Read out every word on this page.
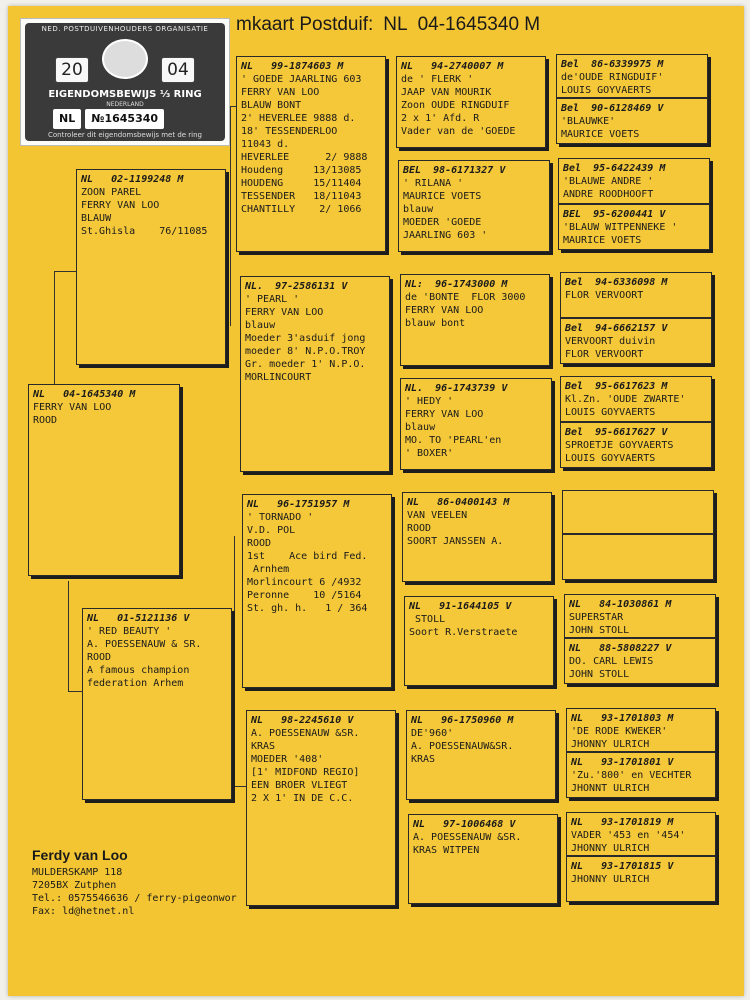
mkaart Postduif: NL 04-1645340 M
NED. POSTDUIVENHOUDERS ORGANISATIE
20	04
EIGENDOMSBEWIJS ⅓ RING
NEDERLAND
NL	№1645340
Controleer dit eigendomsbewijs met de ring
NL   04-1645340 M
FERRY VAN LOO
ROOD
NL   02-1199248 M
ZOON PAREL
FERRY VAN LOO
BLAUW
St.Ghisla    76/11085
NL   01-5121136 V
' RED BEAUTY '
A. POESSENAUW & SR.
ROOD
A famous champion
federation Arhem
NL   99-1874603 M
' GOEDE JAARLING 603
FERRY VAN LOO
BLAUW BONT
2' HEVERLEE 9888 d.
18' TESSENDERLOO
11043 d.
HEVERLEE      2/ 9888
Houdeng     13/13085
HOUDENG     15/11404
TESSENDER   18/11043
CHANTILLY    2/ 1066
NL.  97-2586131 V
' PEARL '
FERRY VAN LOO
blauw
Moeder 3'asduif jong
moeder 8' N.P.O.TROY
Gr. moeder 1' N.P.O.
MORLINCOURT
NL   96-1751957 M
' TORNADO '
V.D. POL
ROOD
1st    Ace bird Fed.
Arnhem
Morlincourt 6 /4932
Peronne    10 /5164
St. gh. h.   1 / 364
NL   98-2245610 V
A. POESSENAUW &SR.
KRAS
MOEDER '408'
[1' MIDFOND REGIO]
EEN BROER VLIEGT
2 X 1' IN DE C.C.
NL   94-2740007 M
de ' FLERK '
JAAP VAN MOURIK
Zoon OUDE RINGDUIF
2 x 1' Afd. R
Vader van de 'GOEDE
BEL  98-6171327 V
' RILANA '
MAURICE VOETS
blauw
MOEDER 'GOEDE
JAARLING 603 '
NL:  96-1743000 M
de 'BONTE  FLOR 3000
FERRY VAN LOO
blauw bont
NL.  96-1743739 V
' HEDY '
FERRY VAN LOO
blauw
MO. TO 'PEARL'en
' BOXER'
NL   86-0400143 M
VAN VEELEN
ROOD
SOORT JANSSEN A.
NL   91-1644105 V
STOLL
Soort R.Verstraete
NL   96-1750960 M
DE'960'
A. POESSENAUW&SR.
KRAS
NL   97-1006468 V
A. POESSENAUW &SR.
KRAS WITPEN
Bel  86-6339975 M
de'OUDE RINGDUIF'
LOUIS GOYVAERTS
Bel  90-6128469 V
'BLAUWKE'
MAURICE VOETS
Bel  95-6422439 M
'BLAUWE ANDRE '
ANDRE ROODHOOFT
BEL  95-6200441 V
'BLAUW WITPENNEKE '
MAURICE VOETS
Bel  94-6336098 M
FLOR VERVOORT
Bel  94-6662157 V
VERVOORT duivin
FLOR VERVOORT
Bel  95-6617623 M
Kl.Zn. 'OUDE ZWARTE'
LOUIS GOYVAERTS
Bel  95-6617627 V
SPROETJE GOYVAERTS
LOUIS GOYVAERTS
NL   84-1030861 M
SUPERSTAR
JOHN STOLL
NL   88-5808227 V
DO. CARL LEWIS
JOHN STOLL
NL   93-1701803 M
'DE RODE KWEKER'
JHONNY ULRICH
NL   93-1701801 V
'Zu.'800' en VECHTER
JHONNT ULRICH
NL   93-1701819 M
VADER '453 en '454'
JHONNY ULRICH
NL   93-1701815 V
JHONNY ULRICH
Ferdy van Loo
MULDERSKAMP 118
7205BX Zutphen
Tel.: 0575546636 / ferry-pigeonwor
Fax: ld@hetnet.nl
